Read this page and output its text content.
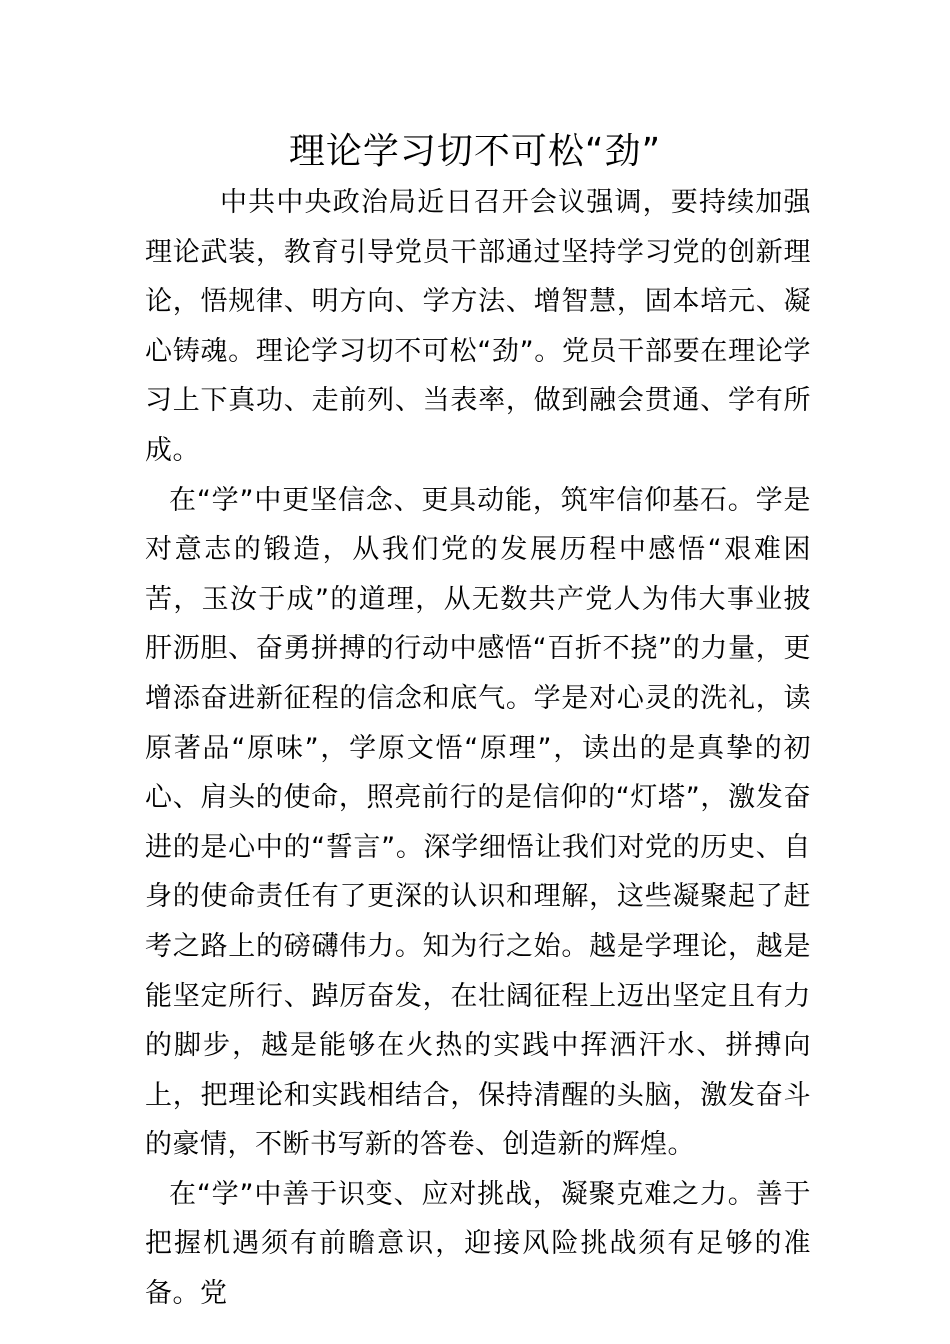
理论学习切不可松“劲”

中共中央政治局近日召开会议强调，要持续加强理论武装，教育引导党员干部通过坚持学习党的创新理论，悟规律、明方向、学方法、增智慧，固本培元、凝心铸魂。理论学习切不可松“劲”。党员干部要在理论学习上下真功、走前列、当表率，做到融会贯通、学有所成。

在“学”中更坚信念、更具动能，筑牢信仰基石。学是对意志的锻造，从我们党的发展历程中感悟“艰难困苦，玉汝于成”的道理，从无数共产党人为伟大事业披肝沥胆、奋勇拼搏的行动中感悟“百折不挠”的力量，更增添奋进新征程的信念和底气。学是对心灵的洗礼，读原著品“原味”，学原文悟“原理”，读出的是真挚的初心、肩头的使命，照亮前行的是信仰的“灯塔”，激发奋进的是心中的“誓言”。深学细悟让我们对党的历史、自身的使命责任有了更深的认识和理解，这些凝聚起了赶考之路上的磅礴伟力。知为行之始。越是学理论，越是能坚定所行、踔厉奋发，在壮阔征程上迈出坚定且有力的脚步，越是能够在火热的实践中挥洒汗水、拼搏向上，把理论和实践相结合，保持清醒的头脑，激发奋斗的豪情，不断书写新的答卷、创造新的辉煌。

在“学”中善于识变、应对挑战，凝聚克难之力。善于把握机遇须有前瞻意识，迎接风险挑战须有足够的准备。党
